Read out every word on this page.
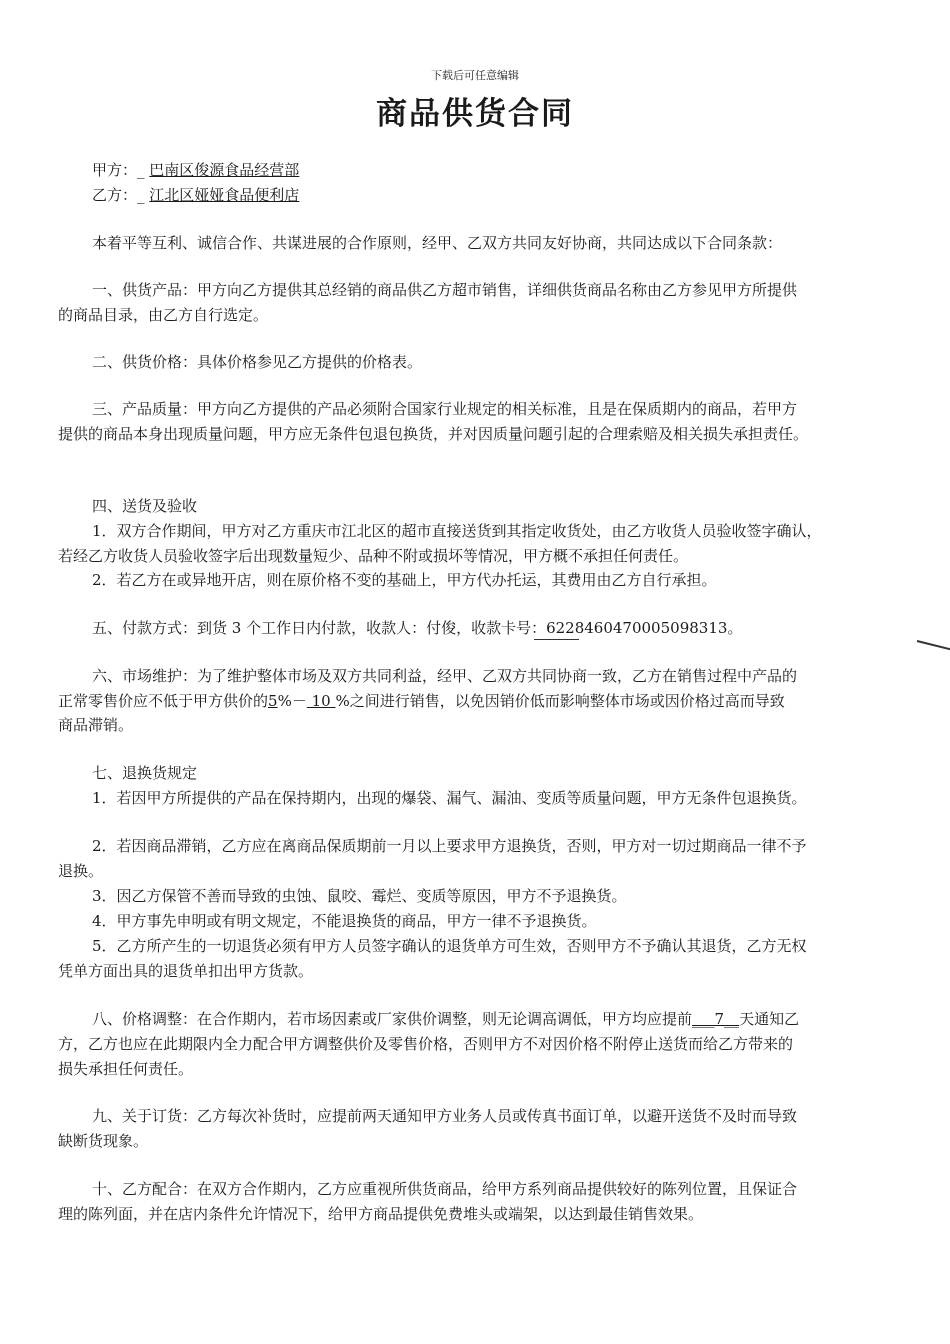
下载后可任意编辑
商品供货合同
甲方：_ 巴南区俊源食品经营部
乙方：_ 江北区娅娅食品便利店
本着平等互利、诚信合作、共谋进展的合作原则，经甲、乙双方共同友好协商，共同达成以下合同条款：
一、供货产品：甲方向乙方提供其总经销的商品供乙方超市销售，详细供货商品名称由乙方参见甲方所提供
的商品目录，由乙方自行选定。
二、供货价格：具体价格参见乙方提供的价格表。
三、产品质量：甲方向乙方提供的产品必须附合国家行业规定的相关标准，且是在保质期内的商品，若甲方
提供的商品本身出现质量问题，甲方应无条件包退包换货，并对因质量问题引起的合理索赔及相关损失承担责任。
四、送货及验收
1．双方合作期间，甲方对乙方重庆市江北区的超市直接送货到其指定收货处，由乙方收货人员验收签字确认，
若经乙方收货人员验收签字后出现数量短少、品种不附或损坏等情况，甲方概不承担任何责任。
2．若乙方在或异地开店，则在原价格不变的基础上，甲方代办托运，其费用由乙方自行承担。
五、付款方式：到货 3 个工作日内付款，收款人：付俊，收款卡号：6228460470005098313。
六、市场维护：为了维护整体市场及双方共同利益，经甲、乙双方共同协商一致，乙方在销售过程中产品的
正常零售价应不低于甲方供价的5%－ 10 %之间进行销售，以免因销价低而影响整体市场或因价格过高而导致
商品滞销。
七、退换货规定
1．若因甲方所提供的产品在保持期内，出现的爆袋、漏气、漏油、变质等质量问题，甲方无条件包退换货。
2．若因商品滞销，乙方应在离商品保质期前一月以上要求甲方退换货，否则，甲方对一切过期商品一律不予
退换。
3．因乙方保管不善而导致的虫蚀、鼠咬、霉烂、变质等原因，甲方不予退换货。
4．甲方事先申明或有明文规定，不能退换货的商品，甲方一律不予退换货。
5．乙方所产生的一切退货必须有甲方人员签字确认的退货单方可生效，否则甲方不予确认其退货，乙方无权
凭单方面出具的退货单扣出甲方货款。
八、价格调整：在合作期内，若市场因素或厂家供价调整，则无论调高调低，甲方均应提前___7__天通知乙
方，乙方也应在此期限内全力配合甲方调整供价及零售价格，否则甲方不对因价格不附停止送货而给乙方带来的
损失承担任何责任。
九、关于订货：乙方每次补货时，应提前两天通知甲方业务人员或传真书面订单，以避开送货不及时而导致
缺断货现象。
十、乙方配合：在双方合作期内，乙方应重视所供货商品，给甲方系列商品提供较好的陈列位置，且保证合
理的陈列面，并在店内条件允许情况下，给甲方商品提供免费堆头或端架，以达到最佳销售效果。
